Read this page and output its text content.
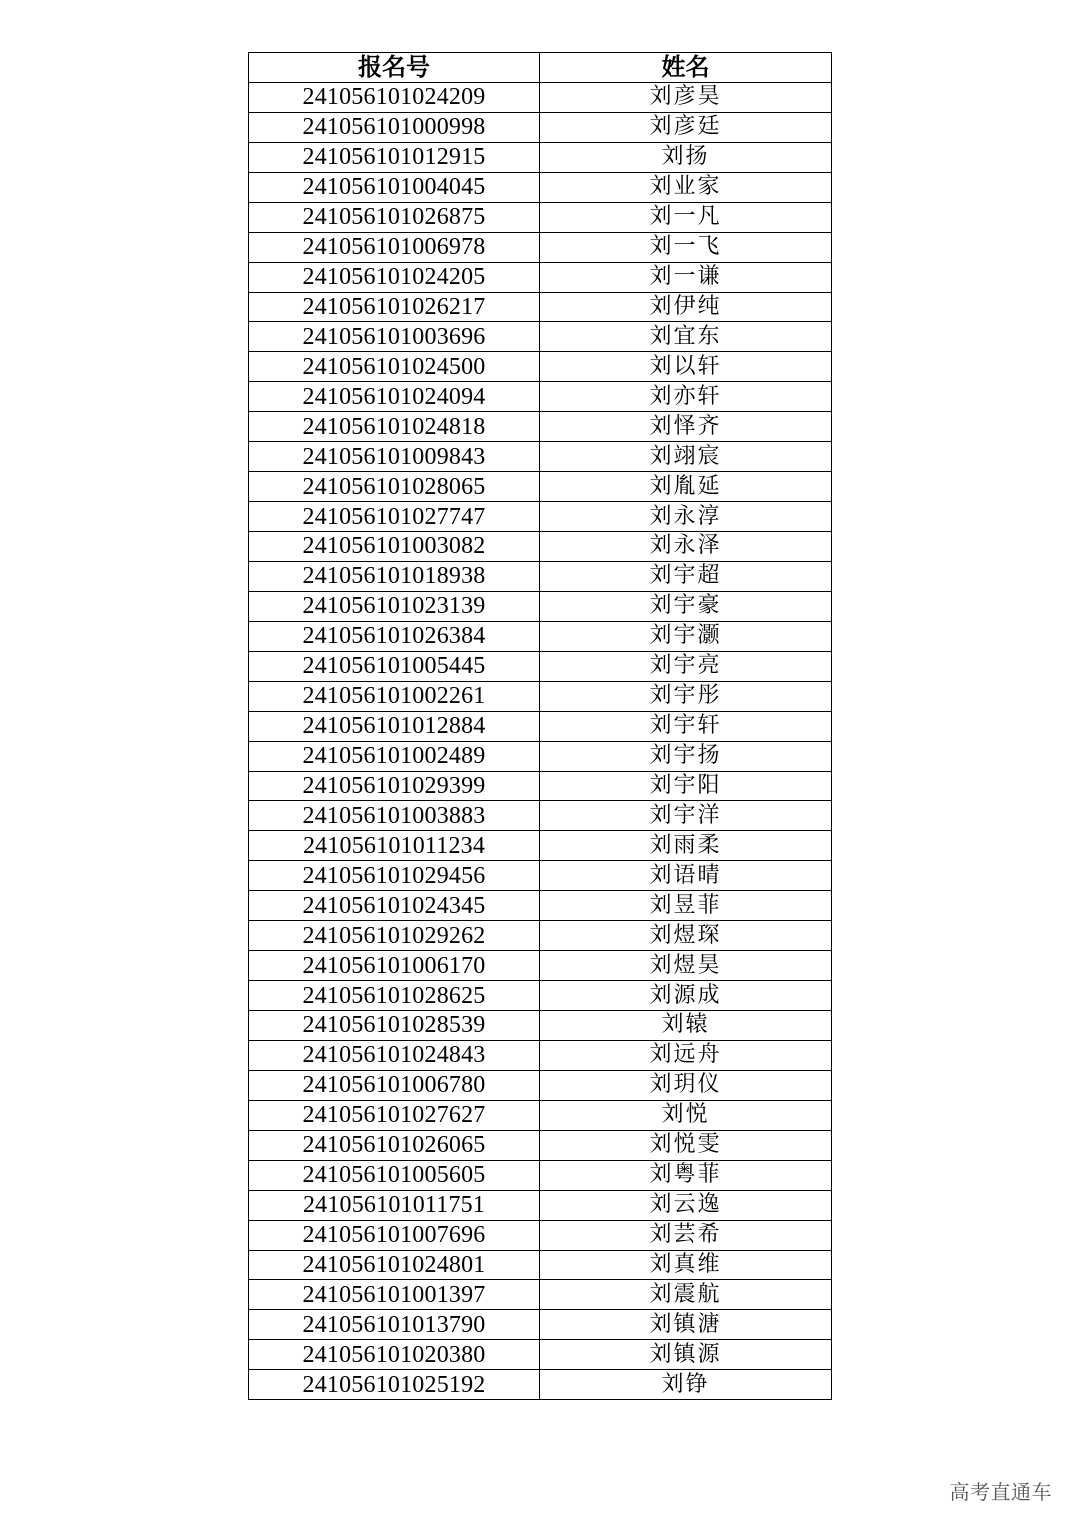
报名号	姓名
241056101024209	刘彦昊
241056101000998	刘彦廷
241056101012915	刘扬
241056101004045	刘业家
241056101026875	刘一凡
241056101006978	刘一飞
241056101024205	刘一谦
241056101026217	刘伊纯
241056101003696	刘宜东
241056101024500	刘以轩
241056101024094	刘亦轩
241056101024818	刘怿齐
241056101009843	刘翊宸
241056101028065	刘胤延
241056101027747	刘永淳
241056101003082	刘永泽
241056101018938	刘宇超
241056101023139	刘宇豪
241056101026384	刘宇灏
241056101005445	刘宇亮
241056101002261	刘宇彤
241056101012884	刘宇轩
241056101002489	刘宇扬
241056101029399	刘宇阳
241056101003883	刘宇洋
241056101011234	刘雨柔
241056101029456	刘语晴
241056101024345	刘昱菲
241056101029262	刘煜琛
241056101006170	刘煜昊
241056101028625	刘源成
241056101028539	刘辕
241056101024843	刘远舟
241056101006780	刘玥仪
241056101027627	刘悦
241056101026065	刘悦雯
241056101005605	刘粤菲
241056101011751	刘云逸
241056101007696	刘芸希
241056101024801	刘真维
241056101001397	刘震航
241056101013790	刘镇溏
241056101020380	刘镇源
241056101025192	刘铮
高考直通车
